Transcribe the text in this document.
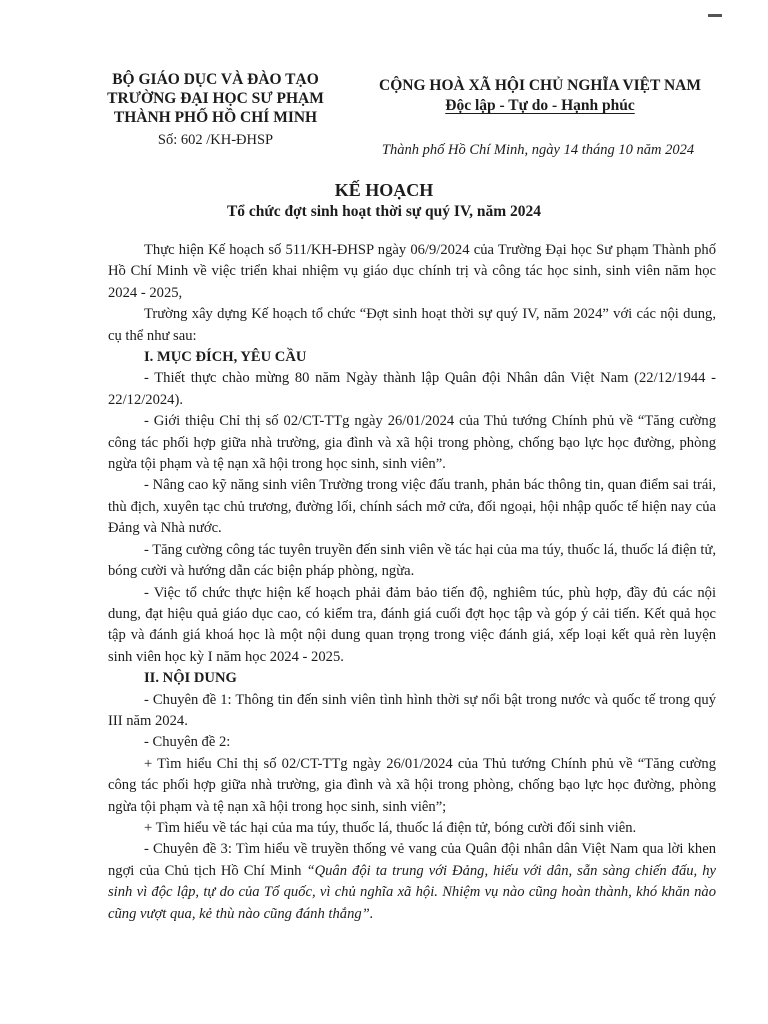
BỘ GIÁO DỤC VÀ ĐÀO TẠO
TRƯỜNG ĐẠI HỌC SƯ PHẠM
THÀNH PHỐ HỒ CHÍ MINH
Số: 602 /KH-ĐHSP
CỘNG HOÀ XÃ HỘI CHỦ NGHĨA VIỆT NAM
Độc lập - Tự do - Hạnh phúc
Thành phố Hồ Chí Minh, ngày 14 tháng 10 năm 2024
KẾ HOẠCH
Tổ chức đợt sinh hoạt thời sự quý IV, năm 2024

Thực hiện Kế hoạch số 511/KH-ĐHSP ngày 06/9/2024 của Trường Đại học Sư phạm Thành phố Hồ Chí Minh về việc triển khai nhiệm vụ giáo dục chính trị và công tác học sinh, sinh viên năm học 2024 - 2025,

Trường xây dựng Kế hoạch tổ chức “Đợt sinh hoạt thời sự quý IV, năm 2024” với các nội dung, cụ thể như sau:

I. MỤC ĐÍCH, YÊU CẦU

- Thiết thực chào mừng 80 năm Ngày thành lập Quân đội Nhân dân Việt Nam (22/12/1944 - 22/12/2024).

- Giới thiệu Chỉ thị số 02/CT-TTg ngày 26/01/2024 của Thủ tướng Chính phủ về “Tăng cường công tác phối hợp giữa nhà trường, gia đình và xã hội trong phòng, chống bạo lực học đường, phòng ngừa tội phạm và tệ nạn xã hội trong học sinh, sinh viên”.

- Nâng cao kỹ năng sinh viên Trường trong việc đấu tranh, phản bác thông tin, quan điểm sai trái, thù địch, xuyên tạc chủ trương, đường lối, chính sách mở cửa, đối ngoại, hội nhập quốc tế hiện nay của Đảng và Nhà nước.

- Tăng cường công tác tuyên truyền đến sinh viên về tác hại của ma túy, thuốc lá, thuốc lá điện tử, bóng cười và hướng dẫn các biện pháp phòng, ngừa.

- Việc tổ chức thực hiện kế hoạch phải đảm bảo tiến độ, nghiêm túc, phù hợp, đầy đủ các nội dung, đạt hiệu quả giáo dục cao, có kiểm tra, đánh giá cuối đợt học tập và góp ý cải tiến. Kết quả học tập và đánh giá khoá học là một nội dung quan trọng trong việc đánh giá, xếp loại kết quả rèn luyện sinh viên học kỳ I năm học 2024 - 2025.

II. NỘI DUNG

- Chuyên đề 1: Thông tin đến sinh viên tình hình thời sự nổi bật trong nước và quốc tế trong quý III năm 2024.

- Chuyên đề 2:

+ Tìm hiểu Chỉ thị số 02/CT-TTg ngày 26/01/2024 của Thủ tướng Chính phủ về “Tăng cường công tác phối hợp giữa nhà trường, gia đình và xã hội trong phòng, chống bạo lực học đường, phòng ngừa tội phạm và tệ nạn xã hội trong học sinh, sinh viên”;

+ Tìm hiểu về tác hại của ma túy, thuốc lá, thuốc lá điện tử, bóng cười đối sinh viên.

- Chuyên đề 3: Tìm hiểu về truyền thống vẻ vang của Quân đội nhân dân Việt Nam qua lời khen ngợi của Chủ tịch Hồ Chí Minh “Quân đội ta trung với Đảng, hiếu với dân, sẵn sàng chiến đấu, hy sinh vì độc lập, tự do của Tổ quốc, vì chủ nghĩa xã hội. Nhiệm vụ nào cũng hoàn thành, khó khăn nào cũng vượt qua, kẻ thù nào cũng đánh thắng”.
